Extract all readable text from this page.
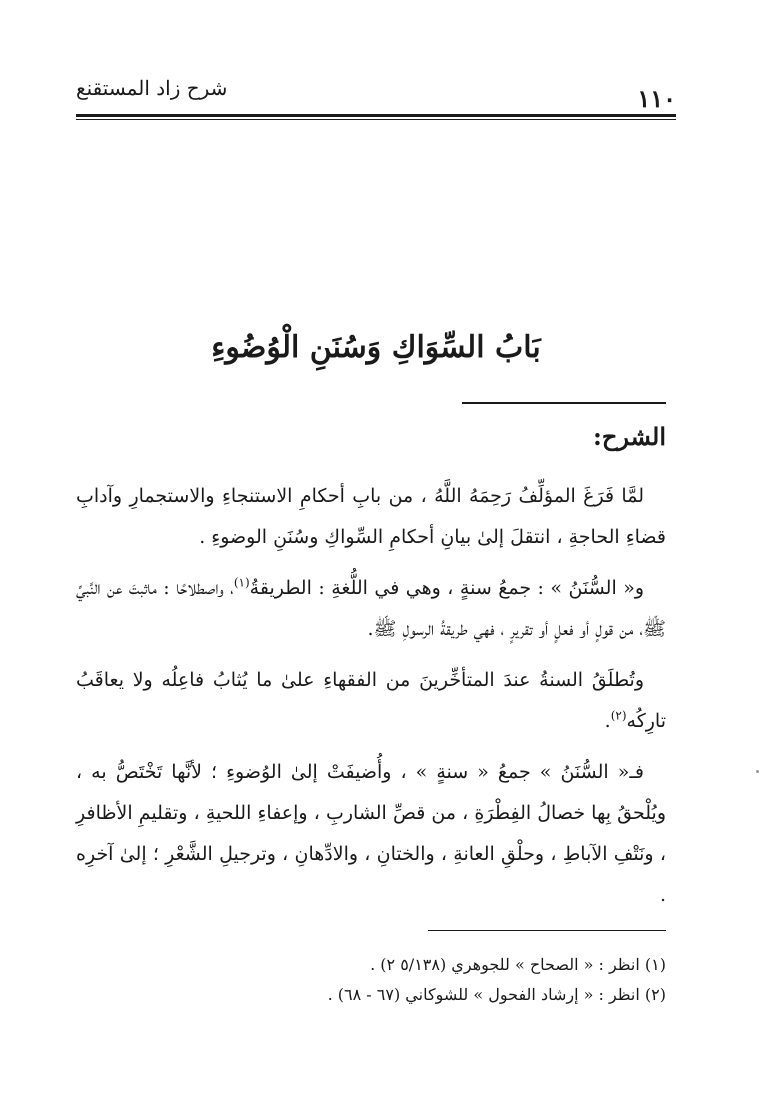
١١٠
شرح زاد المستقنع
بَابُ السِّوَاكِ وَسُنَنِ الْوُضُوءِ
الشرح:

لمَّا فَرَغَ المؤلِّفُ رَحِمَهُ اللَّهُ ، من بابِ أحكامِ الاستنجاءِ والاستجمارِ وآدابِ قضاءِ الحاجةِ ، انتقلَ إلىٰ بيانِ أحكامِ السِّواكِ وسُنَنِ الوضوءِ .

و« السُّنَنُ » : جمعُ سنةٍ ، وهي في اللُّغةِ : الطريقةُ$^{(١)}$، واصطلاحًا : ماثبتَ عن النَّبيِّ ﷺ، من قولٍ أو فعلٍ أو تقريرٍ ، فهي طريقةُ الرسولِ ﷺ.

وتُطلَقُ السنةُ عندَ المتأخِّرينَ من الفقهاءِ علىٰ ما يُثابُ فاعِلُه ولا يعاقَبُ تارِكُه$^{(٢)}$.

فـ« السُّنَنُ » جمعُ « سنةٍ » ، وأُضيفَتْ إلىٰ الوُضوءِ ؛ لأنَّها تَخْتَصُّ به ، ويُلْحقُ بِها خصالُ الفِطْرَةِ ، من قصِّ الشاربِ ، وإعفاءِ اللحيةِ ، وتقليمِ الأظافرِ ، ونَتْفِ الآباطِ ، وحلْقِ العانةِ ، والختانِ ، والادِّهانِ ، وترجيلِ الشَّعْرِ ؛ إلىٰ آخرِه .

(١) انظر : « الصحاح » للجوهري (٥/١٣٨ ٢) .
(٢) انظر : « إرشاد الفحول » للشوكاني (٦٧ - ٦٨) .
